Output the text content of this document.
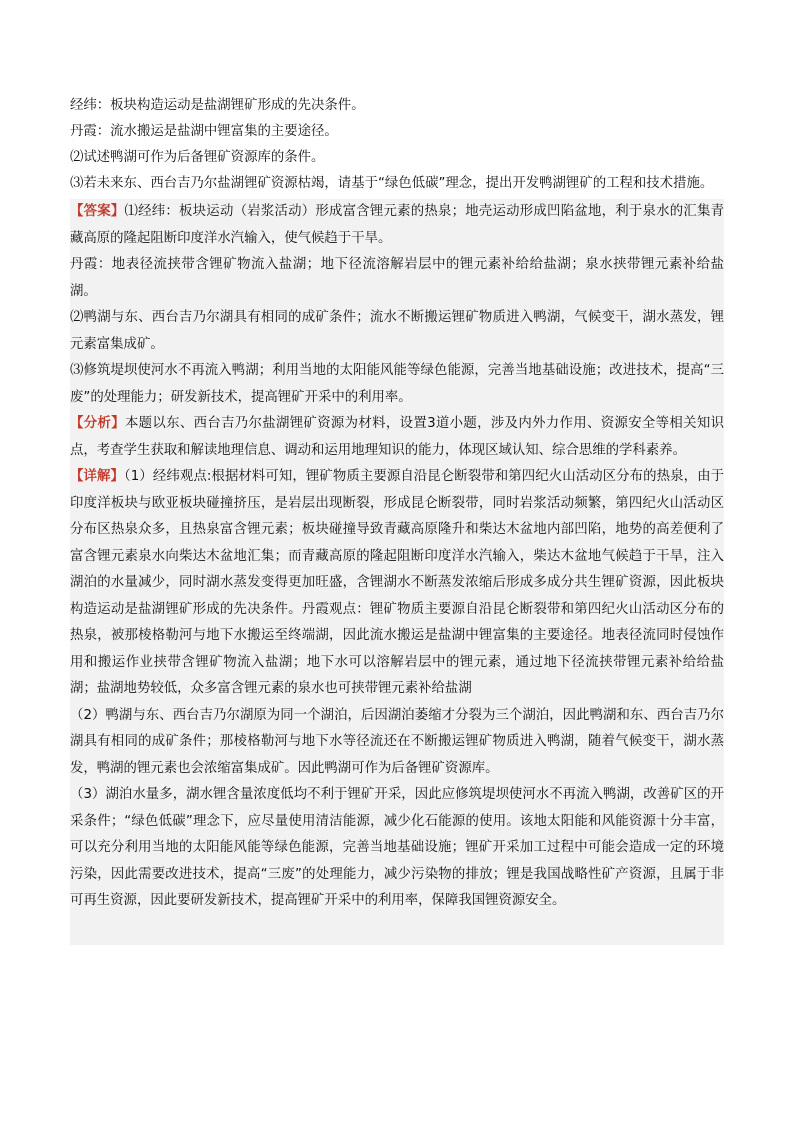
经纬：板块构造运动是盐湖锂矿形成的先决条件。

丹霞：流水搬运是盐湖中锂富集的主要途径。

⑵试述鸭湖可作为后备锂矿资源库的条件。

⑶若未来东、西台吉乃尔盐湖锂矿资源枯竭，请基于“绿色低碳”理念，提出开发鸭湖锂矿的工程和技术措施。

【答案】⑴经纬：板块运动（岩浆活动）形成富含锂元素的热泉；地壳运动形成凹陷盆地，利于泉水的汇集青藏高原的隆起阻断印度洋水汽输入，使气候趋于干旱。

丹霞：地表径流挟带含锂矿物流入盐湖；地下径流溶解岩层中的锂元素补给给盐湖；泉水挟带锂元素补给盐湖。

⑵鸭湖与东、西台吉乃尔湖具有相同的成矿条件；流水不断搬运锂矿物质进入鸭湖，气候变干，湖水蒸发，锂元素富集成矿。

⑶修筑堤坝使河水不再流入鸭湖；利用当地的太阳能风能等绿色能源，完善当地基础设施；改进技术，提高“三废”的处理能力；研发新技术，提高锂矿开采中的利用率。

【分析】本题以东、西台吉乃尔盐湖锂矿资源为材料，设置3道小题，涉及内外力作用、资源安全等相关知识点，考查学生获取和解读地理信息、调动和运用地理知识的能力，体现区域认知、综合思维的学科素养。

【详解】（1）经纬观点:根据材料可知，锂矿物质主要源自沿昆仑断裂带和第四纪火山活动区分布的热泉，由于印度洋板块与欧亚板块碰撞挤压，是岩层出现断裂，形成昆仑断裂带，同时岩浆活动频繁，第四纪火山活动区分布区热泉众多，且热泉富含锂元素；板块碰撞导致青藏高原隆升和柴达木盆地内部凹陷，地势的高差便利了富含锂元素泉水向柴达木盆地汇集；而青藏高原的隆起阻断印度洋水汽输入，柴达木盆地气候趋于干旱，注入湖泊的水量减少，同时湖水蒸发变得更加旺盛，含锂湖水不断蒸发浓缩后形成多成分共生锂矿资源，因此板块构造运动是盐湖锂矿形成的先决条件。丹霞观点：锂矿物质主要源自沿昆仑断裂带和第四纪火山活动区分布的热泉，被那棱格勒河与地下水搬运至终端湖，因此流水搬运是盐湖中锂富集的主要途径。地表径流同时侵蚀作用和搬运作业挟带含锂矿物流入盐湖；地下水可以溶解岩层中的锂元素，通过地下径流挟带锂元素补给给盐湖；盐湖地势较低，众多富含锂元素的泉水也可挟带锂元素补给盐湖

（2）鸭湖与东、西台吉乃尔湖原为同一个湖泊，后因湖泊萎缩才分裂为三个湖泊，因此鸭湖和东、西台吉乃尔湖具有相同的成矿条件；那棱格勒河与地下水等径流还在不断搬运锂矿物质进入鸭湖，随着气候变干，湖水蒸发，鸭湖的锂元素也会浓缩富集成矿。因此鸭湖可作为后备锂矿资源库。

（3）湖泊水量多，湖水锂含量浓度低均不利于锂矿开采，因此应修筑堤坝使河水不再流入鸭湖，改善矿区的开采条件；“绿色低碳”理念下，应尽量使用清洁能源，减少化石能源的使用。该地太阳能和风能资源十分丰富，可以充分利用当地的太阳能风能等绿色能源，完善当地基础设施；锂矿开采加工过程中可能会造成一定的环境污染，因此需要改进技术，提高“三废”的处理能力，减少污染物的排放；锂是我国战略性矿产资源，且属于非可再生资源，因此要研发新技术，提高锂矿开采中的利用率，保障我国锂资源安全。
